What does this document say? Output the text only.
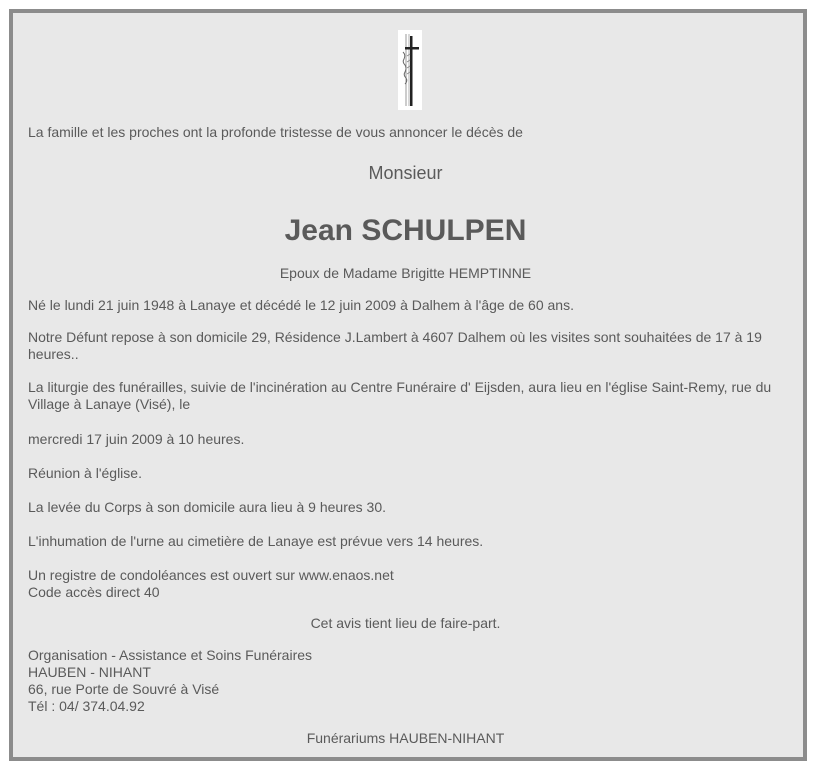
La famille et les proches ont la profonde tristesse de vous annoncer le décès de

Monsieur

Jean SCHULPEN

Epoux de Madame Brigitte HEMPTINNE

Né le lundi 21 juin 1948 à Lanaye et décédé le 12 juin 2009 à Dalhem à l'âge de 60 ans.

Notre Défunt repose à son domicile 29, Résidence J.Lambert à 4607 Dalhem où les visites sont souhaitées de 17 à 19 heures..

La liturgie des funérailles, suivie de l'incinération au Centre Funéraire d' Eijsden, aura lieu en l'église Saint-Remy, rue du Village à Lanaye (Visé), le

mercredi 17 juin 2009 à 10 heures.

Réunion à l'église.

La levée du Corps à son domicile aura lieu à 9 heures 30.

L'inhumation de l'urne au cimetière de Lanaye est prévue vers 14 heures.

Un registre de condoléances est ouvert sur www.enaos.net

Code accès direct 40

Cet avis tient lieu de faire-part.

Organisation - Assistance et Soins Funéraires

HAUBEN - NIHANT

66, rue Porte de Souvré à Visé

Tél : 04/ 374.04.92

Funérariums HAUBEN-NIHANT
